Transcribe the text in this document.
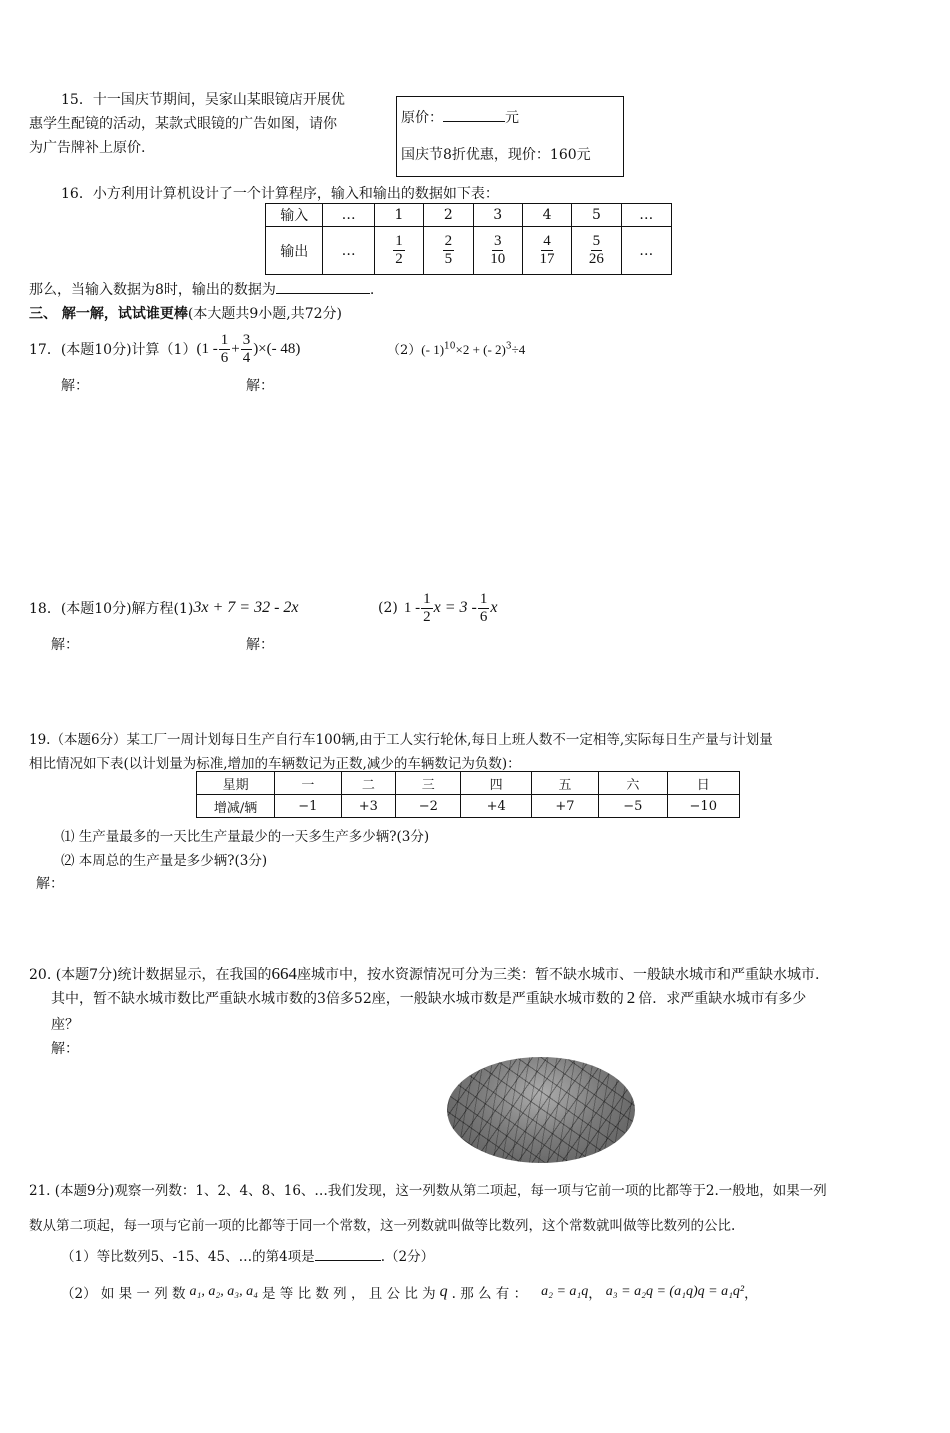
15．十一国庆节期间，吴家山某眼镜店开展优
惠学生配镜的活动，某款式眼镜的广告如图，请你
为广告牌补上原价.
原价：	元
国庆节8折优惠，现价：160元
16．小方利用计算机设计了一个计算程序，输入和输出的数据如下表：
输入	…	1	2	3	4	5	…
输出	…	$\frac{1}{2}$	$\frac{2}{5}$	$\frac{3}{10}$	$\frac{4}{17}$	$\frac{5}{26}$	…
那么，当输入数据为8时，输出的数据为	.
三、 解一解，试试谁更棒(本大题共9小题,共72分)
17．(本题10分)计算（1） ($1 - \frac{1}{6} + \frac{3}{4}$ )×(- 48)	（2）(- 1)$^{10}$×2 + (- 2)$^3$÷4
解：	解：
18．(本题10分)解方程(1) 3x + 7 = 32 - 2x	(2) $1 - \frac{1}{2}$ $x = 3 - \frac{1}{6}$ x
解：	解：
19.（本题6分）某工厂一周计划每日生产自行车100辆,由于工人实行轮休,每日上班人数不一定相等,实际每日生产量与计划量
相比情况如下表(以计划量为标准,增加的车辆数记为正数,减少的车辆数记为负数)：
星期	一	二	三	四	五	六	日
增减/辆	−1	+3	−2	+4	+7	−5	−10
⑴ 生产量最多的一天比生产量最少的一天多生产多少辆?(3分)
⑵ 本周总的生产量是多少辆?(3分)
解：
20. (本题7分)统计数据显示，在我国的664座城市中，按水资源情况可分为三类：暂不缺水城市、一般缺水城市和严重缺水城市.
其中，暂不缺水城市数比严重缺水城市数的3倍多52座，一般缺水城市数是严重缺水城市数的 2 倍．求严重缺水城市有多少
座？
解：
21. (本题9分)观察一列数：1、2、4、8、16、…我们发现，这一列数从第二项起，每一项与它前一项的比都等于2.一般地，如果一列
数从第二项起，每一项与它前一项的比都等于同一个常数，这一列数就叫做等比数列，这个常数就叫做等比数列的公比.
（1）等比数列5、-15、45、…的第4项是	.（2分）
（2） 如 果 一 列 数 a₁, a₂, a₃, a₄ 是 等 比 数 列 ， 且 公 比 为 q . 那 么 有 ： a₂ = a₁q ， a₃ = a₂q = (a₁q)q = a₁q² ，
